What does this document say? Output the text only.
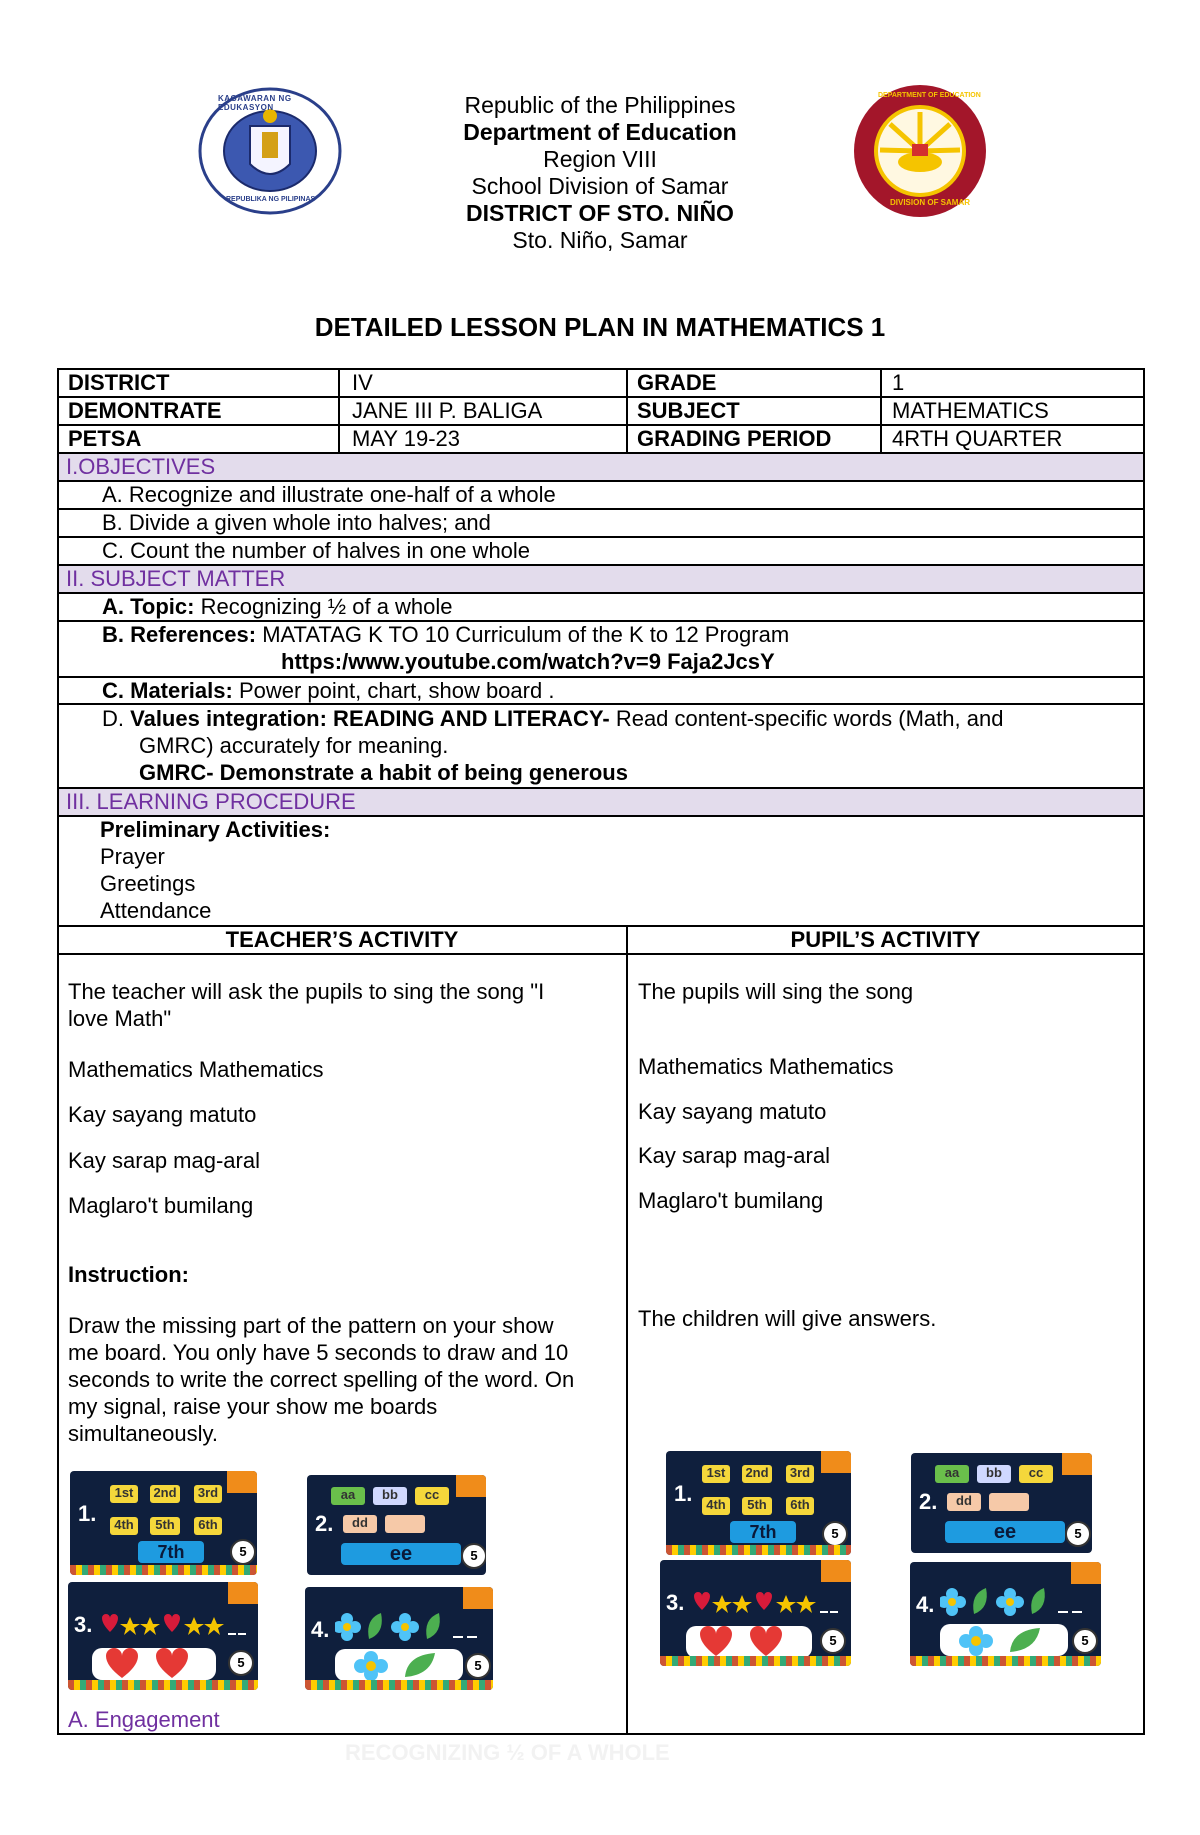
KAGAWARAN NG EDUKASYON
REPUBLIKA NG PILIPINAS
DEPARTMENT OF EDUCATION
DIVISION OF SAMAR
Republic of the Philippines
Department of Education
Region VIII
School Division of Samar
DISTRICT OF STO. NIÑO
Sto. Niño, Samar
DETAILED LESSON PLAN IN MATHEMATICS 1
DISTRICT	IV	GRADE	1
DEMONTRATE	JANE III P. BALIGA	SUBJECT	MATHEMATICS
PETSA	MAY 19-23	GRADING PERIOD	4RTH QUARTER
I.OBJECTIVES
A. Recognize and illustrate one-half of a whole
B. Divide a given whole into halves; and
C. Count the number of halves in one whole
II. SUBJECT MATTER
A. Topic: Recognizing ½ of a whole
B. References: MATATAG K TO 10 Curriculum of the K to 12 Program
https:/www.youtube.com/watch?v=9 Faja2JcsY
C. Materials: Power point, chart, show board .
D. Values integration: READING AND LITERACY- Read content-specific words (Math, and
GMRC) accurately for meaning.
GMRC- Demonstrate a habit of being generous
III. LEARNING PROCEDURE
Preliminary Activities:
Prayer
Greetings
Attendance
TEACHER’S ACTIVITY	PUPIL’S ACTIVITY
The teacher will ask the pupils to sing the song "I
love Math"
Mathematics Mathematics
Kay sayang matuto
Kay sarap mag-aral
Maglaro't bumilang
Instruction:
Draw the missing part of the pattern on your show
me board. You only have 5 seconds to draw and 10
seconds to write the correct spelling of the word. On
my signal, raise your show me boards
simultaneously.
The pupils will sing the song
Mathematics Mathematics
Kay sayang matuto
Kay sarap mag-aral
Maglaro't bumilang
The children will give answers.
1.
1st	2nd 3rd
4th	5th	6th
7th	5
2.
aa	bb	cc
dd
ee	5
3.
5
4.
5
1.
1st	2nd 3rd
4th	5th	6th
7th	5
2.
aa	bb	cc
dd
ee	5
3.
5
4.
5
A. Engagement
RECOGNIZING ½ OF A WHOLE
